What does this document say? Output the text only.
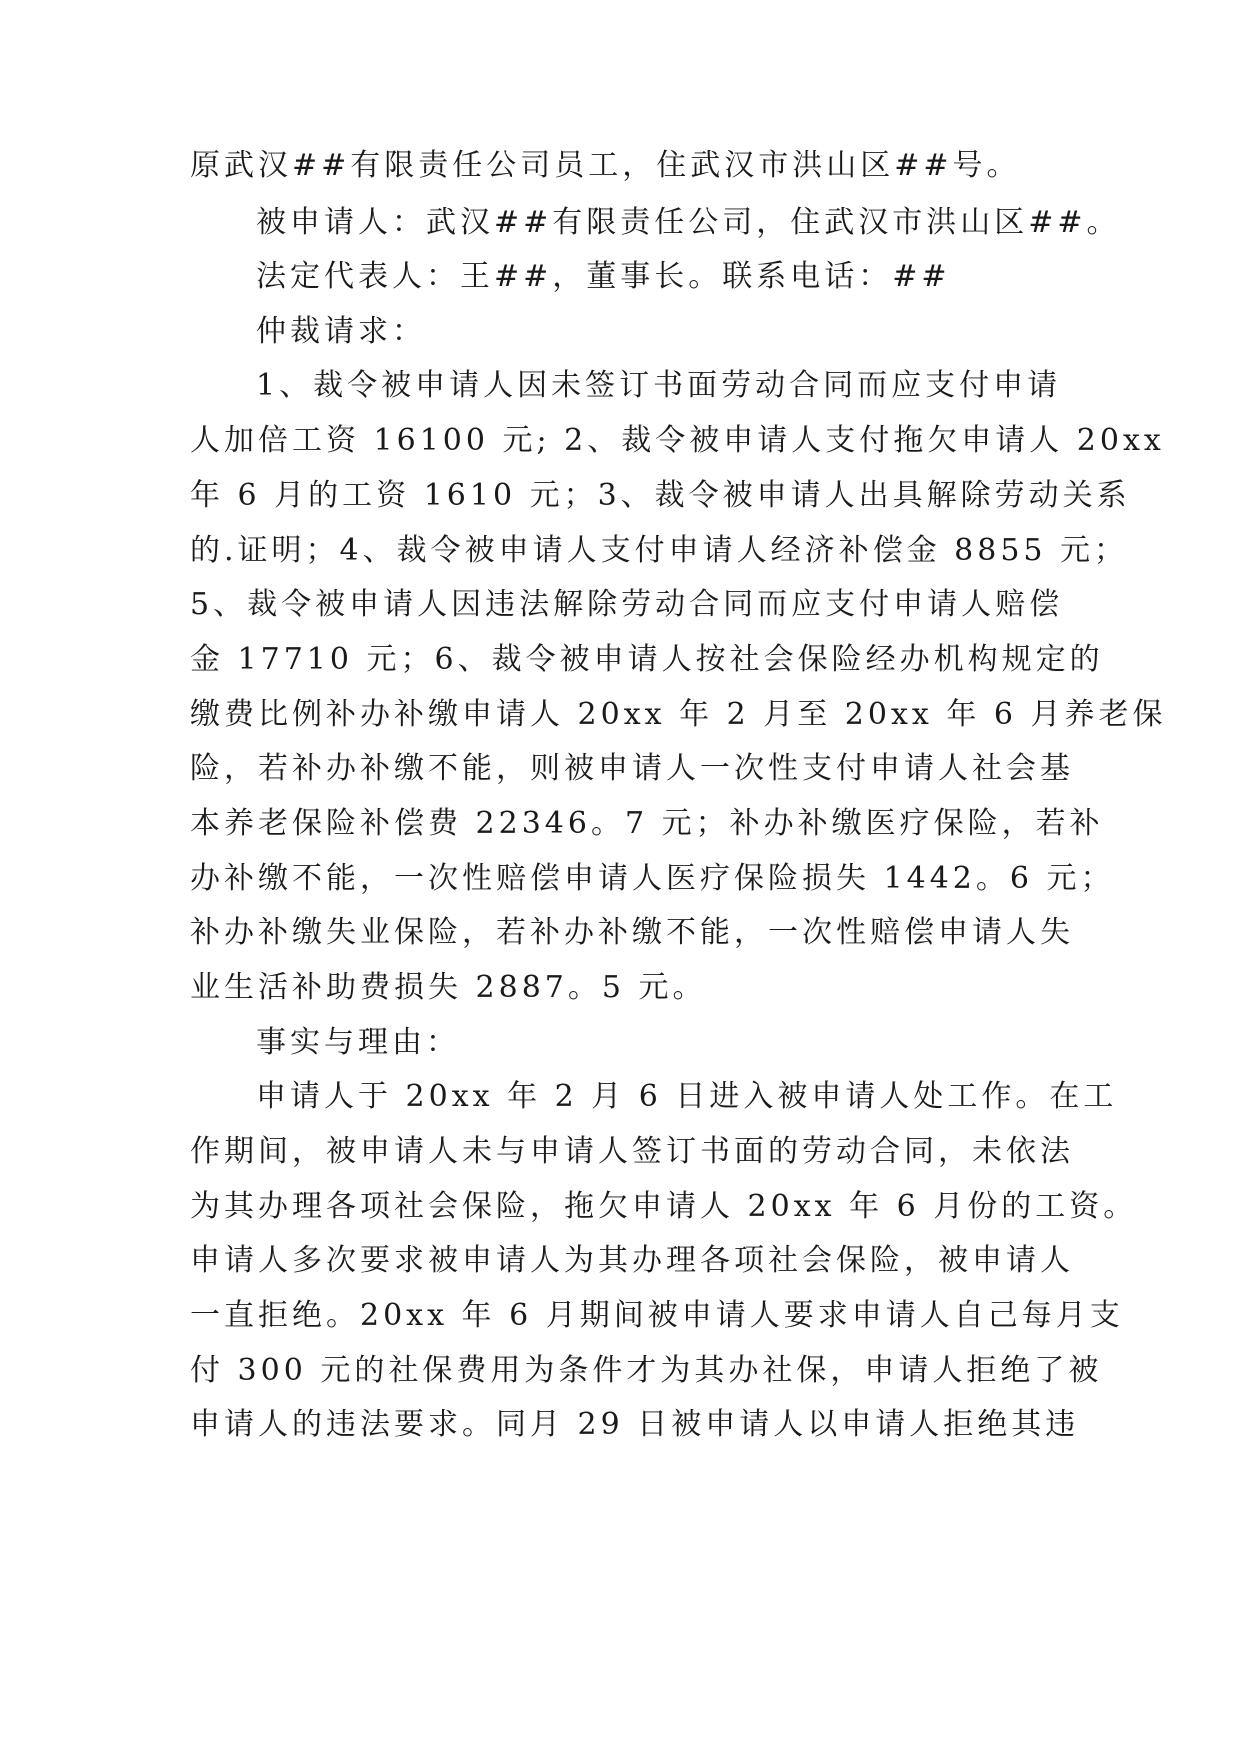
原武汉##有限责任公司员工，住武汉市洪山区##号。
被申请人：武汉##有限责任公司，住武汉市洪山区##。
法定代表人：王##，董事长。联系电话：##
仲裁请求：
1、裁令被申请人因未签订书面劳动合同而应支付申请
人加倍工资 16100 元; 2、裁令被申请人支付拖欠申请人 20xx
年 6 月的工资 1610 元；3、裁令被申请人出具解除劳动关系
的.证明；4、裁令被申请人支付申请人经济补偿金 8855 元；
5、裁令被申请人因违法解除劳动合同而应支付申请人赔偿
金 17710 元；6、裁令被申请人按社会保险经办机构规定的
缴费比例补办补缴申请人 20xx 年 2 月至 20xx 年 6 月养老保
险，若补办补缴不能，则被申请人一次性支付申请人社会基
本养老保险补偿费 22346。7 元；补办补缴医疗保险，若补
办补缴不能，一次性赔偿申请人医疗保险损失 1442。6 元；
补办补缴失业保险，若补办补缴不能，一次性赔偿申请人失
业生活补助费损失 2887。5 元。
事实与理由：
申请人于 20xx 年 2 月 6 日进入被申请人处工作。在工
作期间，被申请人未与申请人签订书面的劳动合同，未依法
为其办理各项社会保险，拖欠申请人 20xx 年 6 月份的工资。
申请人多次要求被申请人为其办理各项社会保险，被申请人
一直拒绝。20xx 年 6 月期间被申请人要求申请人自己每月支
付 300 元的社保费用为条件才为其办社保，申请人拒绝了被
申请人的违法要求。同月 29 日被申请人以申请人拒绝其违
